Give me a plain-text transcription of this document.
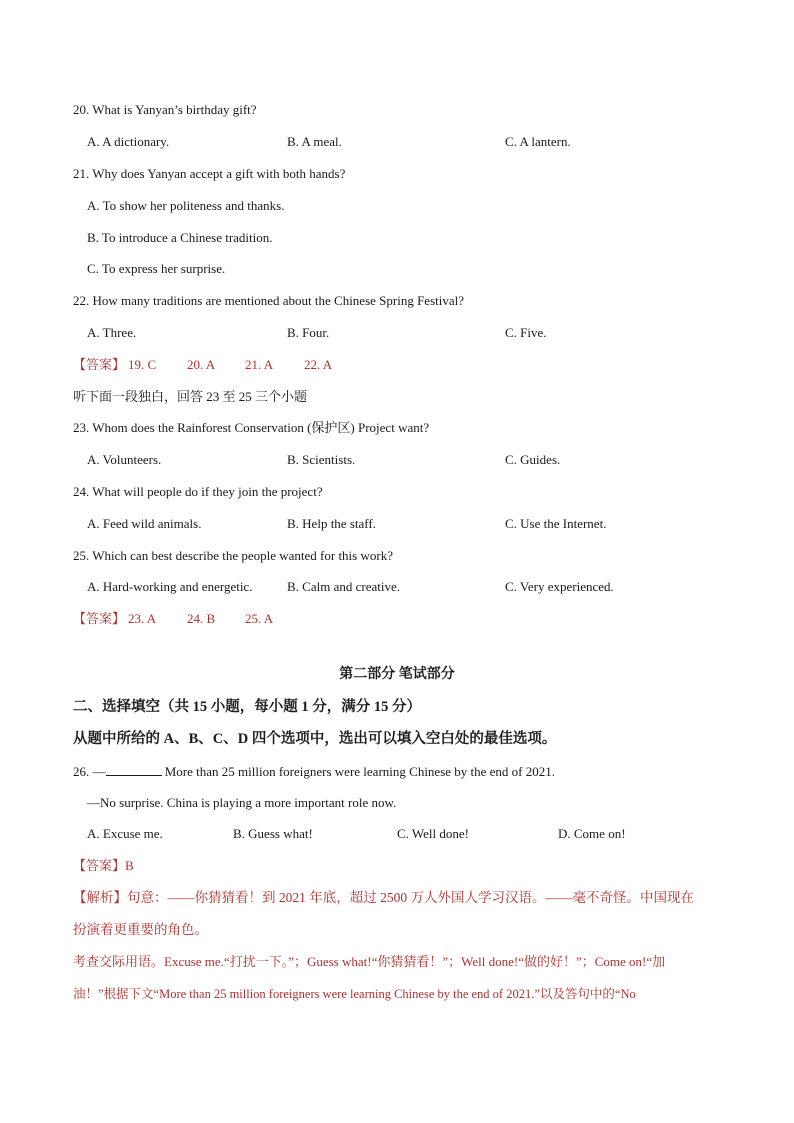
20. What is Yanyan’s birthday gift?
A. A dictionary.	B. A meal.	C. A lantern.
21. Why does Yanyan accept a gift with both hands?
A. To show her politeness and thanks.
B. To introduce a Chinese tradition.
C. To express her surprise.
22. How many traditions are mentioned about the Chinese Spring Festival?
A. Three.	B. Four.	C. Five.
【答案】 19. C 20. A 21. A 22. A
听下面一段独白，回答 23 至 25 三个小题
23. Whom does the Rainforest Conservation (保护区) Project want?
A. Volunteers.	B. Scientists.	C. Guides.
24. What will people do if they join the project?
A. Feed wild animals.	B. Help the staff.	C. Use the Internet.
25. Which can best describe the people wanted for this work?
A. Hard-working and energetic.	B. Calm and creative.	C. Very experienced.
【答案】 23. A 24. B 25. A
第二部分 笔试部分
二、选择填空（共 15 小题，每小题 1 分，满分 15 分）
从题中所给的 A、B、C、D 四个选项中，选出可以填入空白处的最佳选项。
26. —	More than 25 million foreigners were learning Chinese by the end of 2021.
—No surprise. China is playing a more important role now.
A. Excuse me.	B. Guess what!	C. Well done!	D. Come on!
【答案】B
【解析】句意：——你猜猜看！到 2021 年底，超过 2500 万人外国人学习汉语。——毫不奇怪。中国现在
扮演着更重要的角色。
考查交际用语。Excuse me.“打扰一下。”；Guess what!“你猜猜看！”；Well done!“做的好！”；Come on!“加
油！”根据下文“More than 25 million foreigners were learning Chinese by the end of 2021.”以及答句中的“No
